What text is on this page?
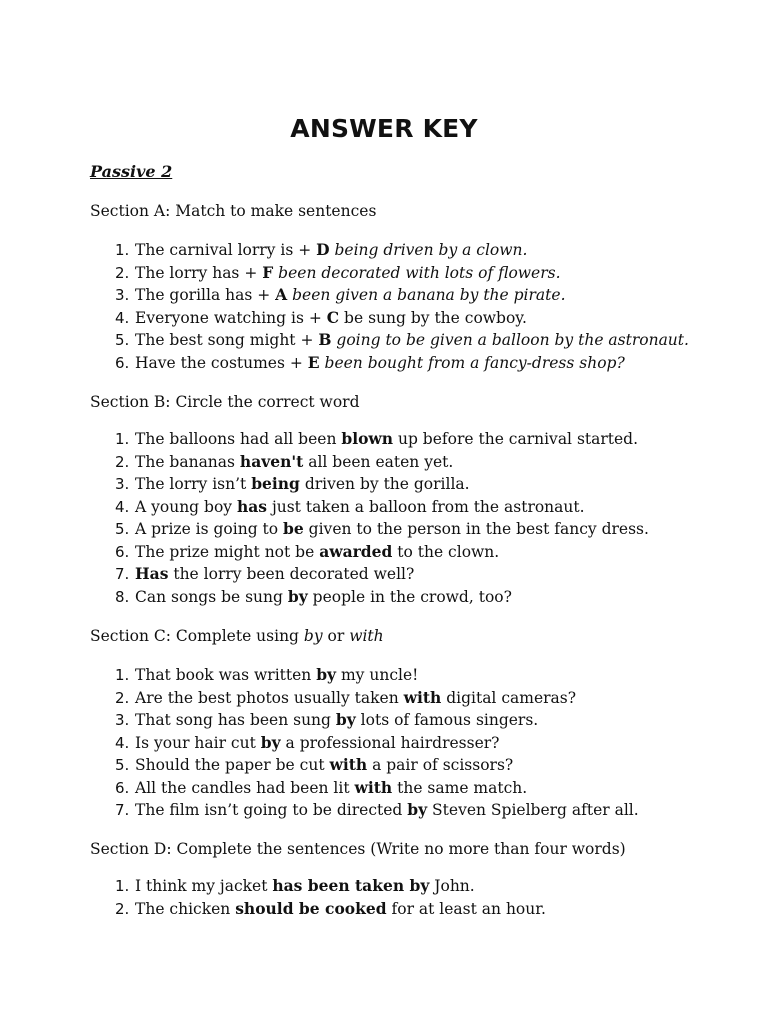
ANSWER KEY
Passive 2
Section A: Match to make sentences
1. The carnival lorry is + D being driven by a clown.
2. The lorry has + F been decorated with lots of flowers.
3. The gorilla has + A been given a banana by the pirate.
4. Everyone watching is + C be sung by the cowboy.
5. The best song might + B going to be given a balloon by the astronaut.
6. Have the costumes + E been bought from a fancy-dress shop?
Section B: Circle the correct word
1. The balloons had all been blown up before the carnival started.
2. The bananas haven't all been eaten yet.
3. The lorry isn’t being driven by the gorilla.
4. A young boy has just taken a balloon from the astronaut.
5. A prize is going to be given to the person in the best fancy dress.
6. The prize might not be awarded to the clown.
7. Has the lorry been decorated well?
8. Can songs be sung by people in the crowd, too?
Section C: Complete using by or with
1. That book was written by my uncle!
2. Are the best photos usually taken with digital cameras?
3. That song has been sung by lots of famous singers.
4. Is your hair cut by a professional hairdresser?
5. Should the paper be cut with a pair of scissors?
6. All the candles had been lit with the same match.
7. The film isn’t going to be directed by Steven Spielberg after all.
Section D: Complete the sentences (Write no more than four words)
1. I think my jacket has been taken by John.
2. The chicken should be cooked for at least an hour.
